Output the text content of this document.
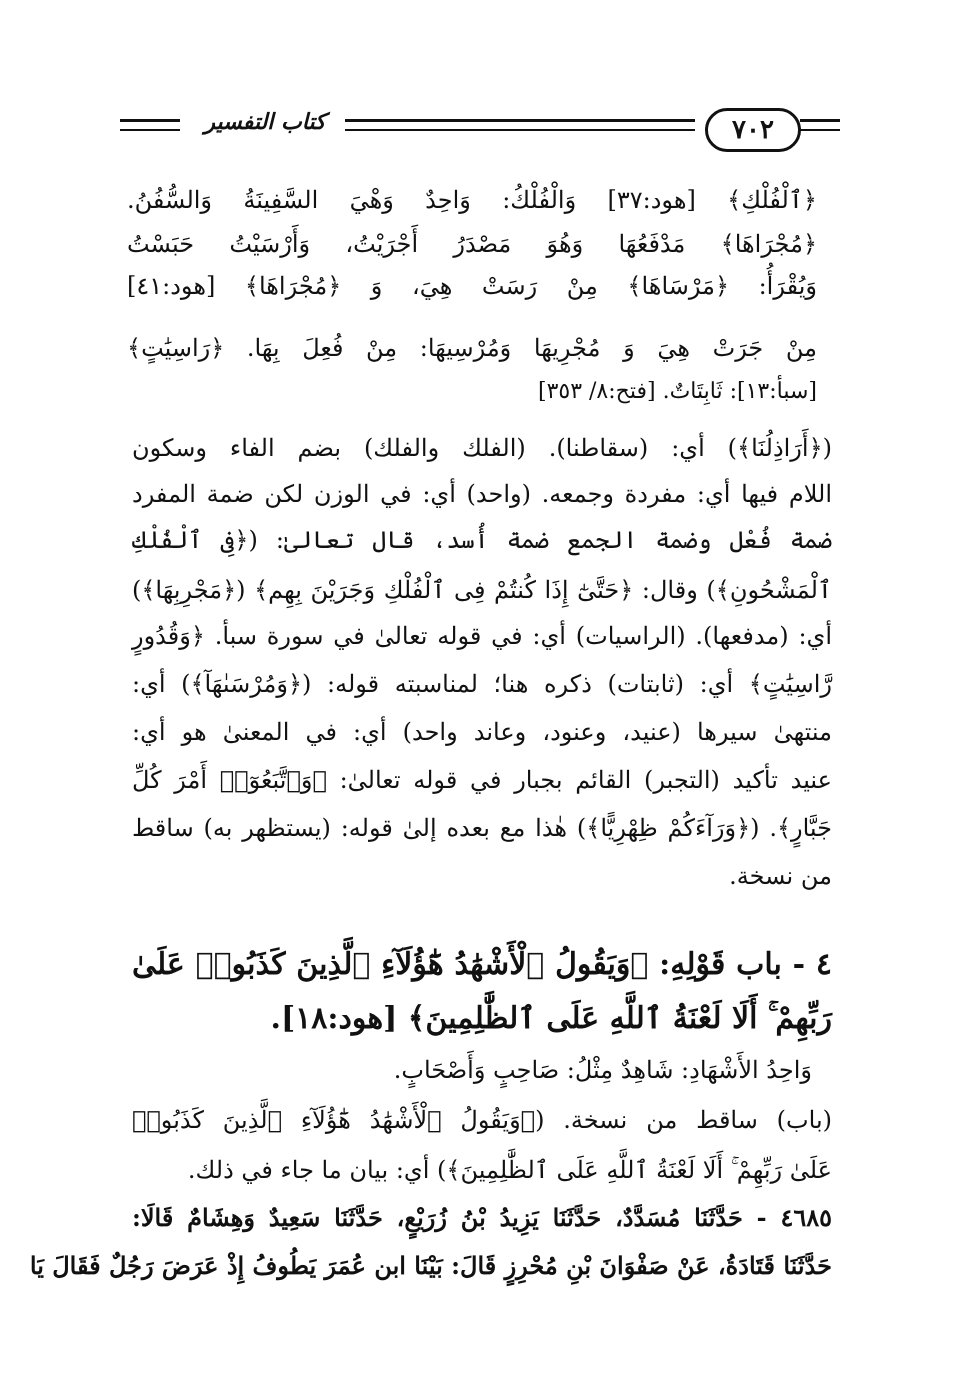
كتاب التفسير	٧٠٢
﴿ٱلْفُلْكِ﴾ [هود:٣٧] وَالْفُلْكُ: وَاحِدٌ وَهْيَ السَّفِينَةُ وَالسُّفُنُ.
﴿مُجْرَاهَا﴾ مَدْفَعُهَا وَهُوَ مَصْدَرُ أَجْرَيْتُ، وَأَرْسَيْتُ حَبَسْتُ
وَيُقْرَأُ: ﴿مَرْسَاهَا﴾ مِنْ رَسَتْ هِيَ، وَ ﴿مُجْرَاهَا﴾ [هود:٤١]
مِنْ جَرَتْ هِيَ وَ مُجْرِيهَا وَمُرْسِيهَا: مِنْ فُعِلَ بِهَا. ﴿رَاسِيَٰتٍ﴾
[سبأ:١٣]: ثَابِتَاتٌ. [فتح:٨/ ٣٥٣]
(﴿أَرَاذِلُنَا﴾) أي: (سقاطنا). (الفلك والفلك) بضم الفاء وسكون
اللام فيها أي: مفردة وجمعه. (واحد) أي: في الوزن لكن ضمة المفرد
ضمة فُعْل وضمة الجمع ضمة أُسد، قال تعالىٰ: (﴿فِى ٱلْفُلْكِ
ٱلْمَشْحُونِ﴾) وقال: ﴿حَتَّىٰٓ إِذَا كُنتُمْ فِى ٱلْفُلْكِ وَجَرَيْنَ بِهِم﴾ (﴿مَجْرِبِهَا﴾)
أي: (مدفعها). (الراسيات) أي: في قوله تعالىٰ في سورة سبأ. ﴿وَقُدُورٍ
رَّاسِيَٰتٍ﴾ أي: (ثابتات) ذكره هنا؛ لمناسبته قوله: (﴿وَمُرْسَىٰهَآ﴾) أي:
منتهىٰ سيرها (عنيد، وعنود، وعاند واحد) أي: في المعنىٰ هو أي:
عنيد تأكيد (التجبر) القائم بجبار في قوله تعالىٰ: ﴿وَٱتَّبَعُوٓا۟ أَمْرَ كُلِّ
جَبَّارٍ﴾. (﴿وَرَآءَكُمْ ظِهْرِيًّا﴾) هٰذا مع بعده إلىٰ قوله: (يستظهر به) ساقط
من نسخة.
٤ - باب قَوْلِهِ: ﴿وَيَقُولُ ٱلْأَشْهَٰدُ هَٰٓؤُلَآءِ ٱلَّذِينَ كَذَبُوا۟ عَلَىٰ
رَبِّهِمْ ۚ أَلَا لَعْنَةُ ٱللَّهِ عَلَى ٱلظَّٰلِمِينَ﴾ [هود:١٨].
وَاحِدُ الأَشْهَادِ: شَاهِدٌ مِثْلُ: صَاحِبٍ وَأَصْحَابٍ.
(باب) ساقط من نسخة. (﴿وَيَقُولُ ٱلْأَشْهَٰدُ هَٰٓؤُلَآءِ ٱلَّذِينَ كَذَبُوا۟
عَلَىٰ رَبِّهِمْ ۚ أَلَا لَعْنَةُ ٱللَّهِ عَلَى ٱلظَّٰلِمِينَ﴾) أي: بيان ما جاء في ذلك.
٤٦٨٥ - حَدَّثَنَا مُسَدَّدٌ، حَدَّثَنَا يَزِيدُ بْنُ زُرَيْعٍ، حَدَّثَنَا سَعِيدٌ وَهِشَامٌ قَالَا:
حَدَّثَنَا قَتَادَةُ، عَنْ صَفْوَانَ بْنِ مُحْرِزٍ قَالَ: بَيْنَا ابن عُمَرَ يَطُوفُ إِذْ عَرَضَ رَجُلٌ فَقَالَ يَا
